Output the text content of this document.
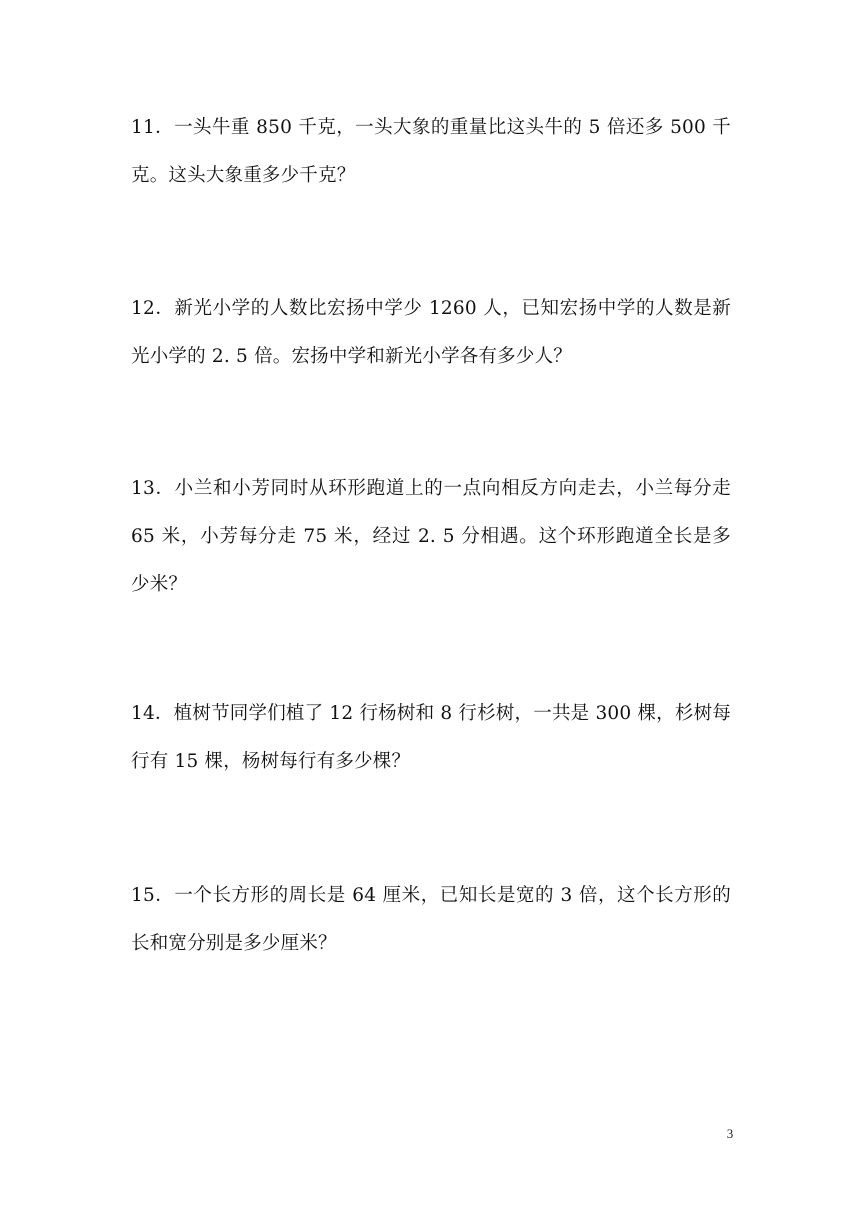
11．一头牛重 850 千克，一头大象的重量比这头牛的 5 倍还多 500 千克。这头大象重多少千克？

12．新光小学的人数比宏扬中学少 1260 人，已知宏扬中学的人数是新光小学的 2. 5 倍。宏扬中学和新光小学各有多少人？

13．小兰和小芳同时从环形跑道上的一点向相反方向走去，小兰每分走 65 米，小芳每分走 75 米，经过 2. 5 分相遇。这个环形跑道全长是多少米？

14．植树节同学们植了 12 行杨树和 8 行杉树，一共是 300 棵，杉树每行有 15 棵，杨树每行有多少棵？

15．一个长方形的周长是 64 厘米，已知长是宽的 3 倍，这个长方形的长和宽分别是多少厘米？

3
